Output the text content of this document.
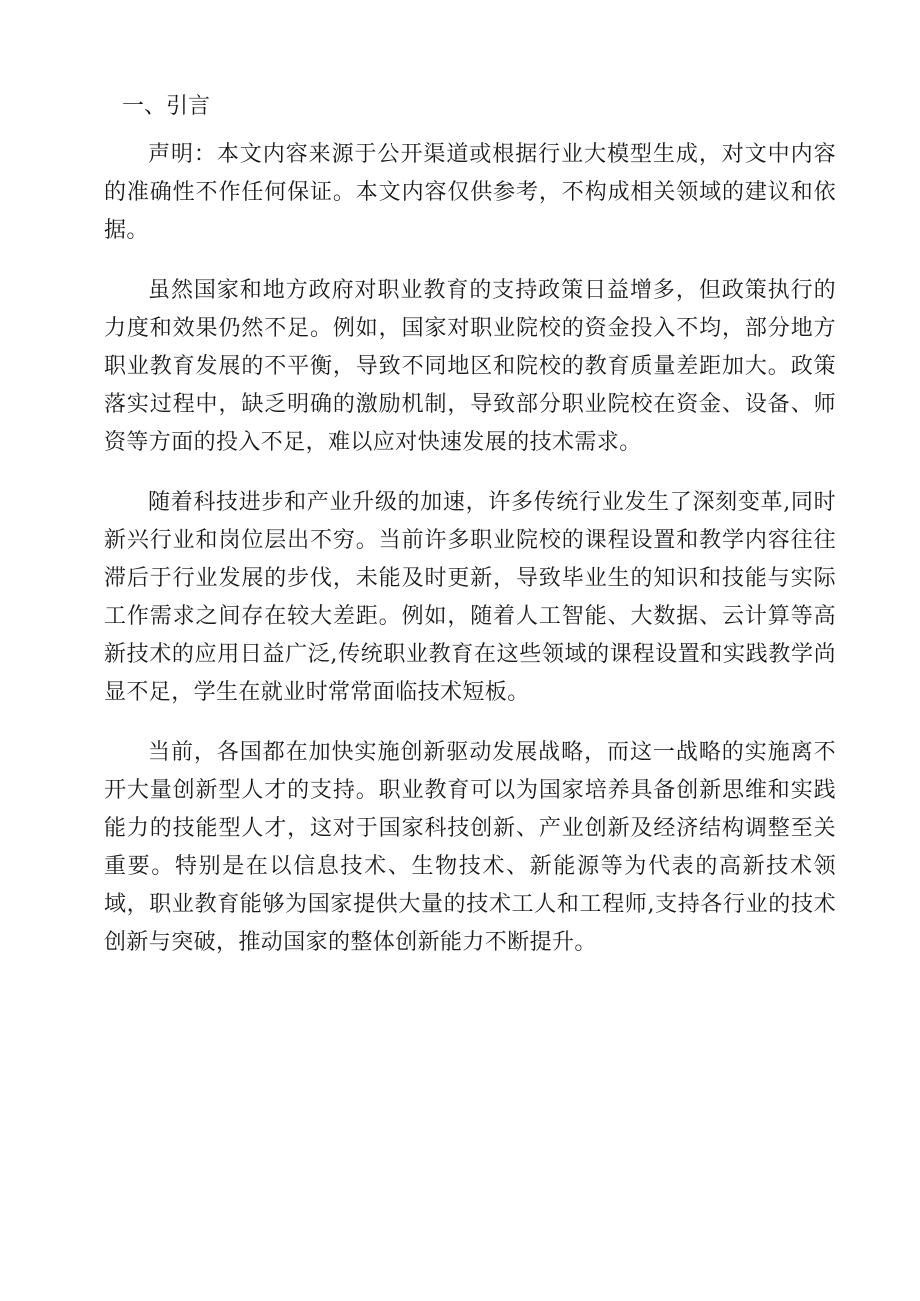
一、引言

声明：本文内容来源于公开渠道或根据行业大模型生成，对文中内容的准确性不作任何保证。本文内容仅供参考，不构成相关领域的建议和依据。

虽然国家和地方政府对职业教育的支持政策日益增多，但政策执行的力度和效果仍然不足。例如，国家对职业院校的资金投入不均，部分地方职业教育发展的不平衡，导致不同地区和院校的教育质量差距加大。政策落实过程中，缺乏明确的激励机制，导致部分职业院校在资金、设备、师资等方面的投入不足，难以应对快速发展的技术需求。

随着科技进步和产业升级的加速，许多传统行业发生了深刻变革,同时新兴行业和岗位层出不穷。当前许多职业院校的课程设置和教学内容往往滞后于行业发展的步伐，未能及时更新，导致毕业生的知识和技能与实际工作需求之间存在较大差距。例如，随着人工智能、大数据、云计算等高新技术的应用日益广泛,传统职业教育在这些领域的课程设置和实践教学尚显不足，学生在就业时常常面临技术短板。

当前，各国都在加快实施创新驱动发展战略，而这一战略的实施离不开大量创新型人才的支持。职业教育可以为国家培养具备创新思维和实践能力的技能型人才，这对于国家科技创新、产业创新及经济结构调整至关重要。特别是在以信息技术、生物技术、新能源等为代表的高新技术领域，职业教育能够为国家提供大量的技术工人和工程师,支持各行业的技术创新与突破，推动国家的整体创新能力不断提升。
